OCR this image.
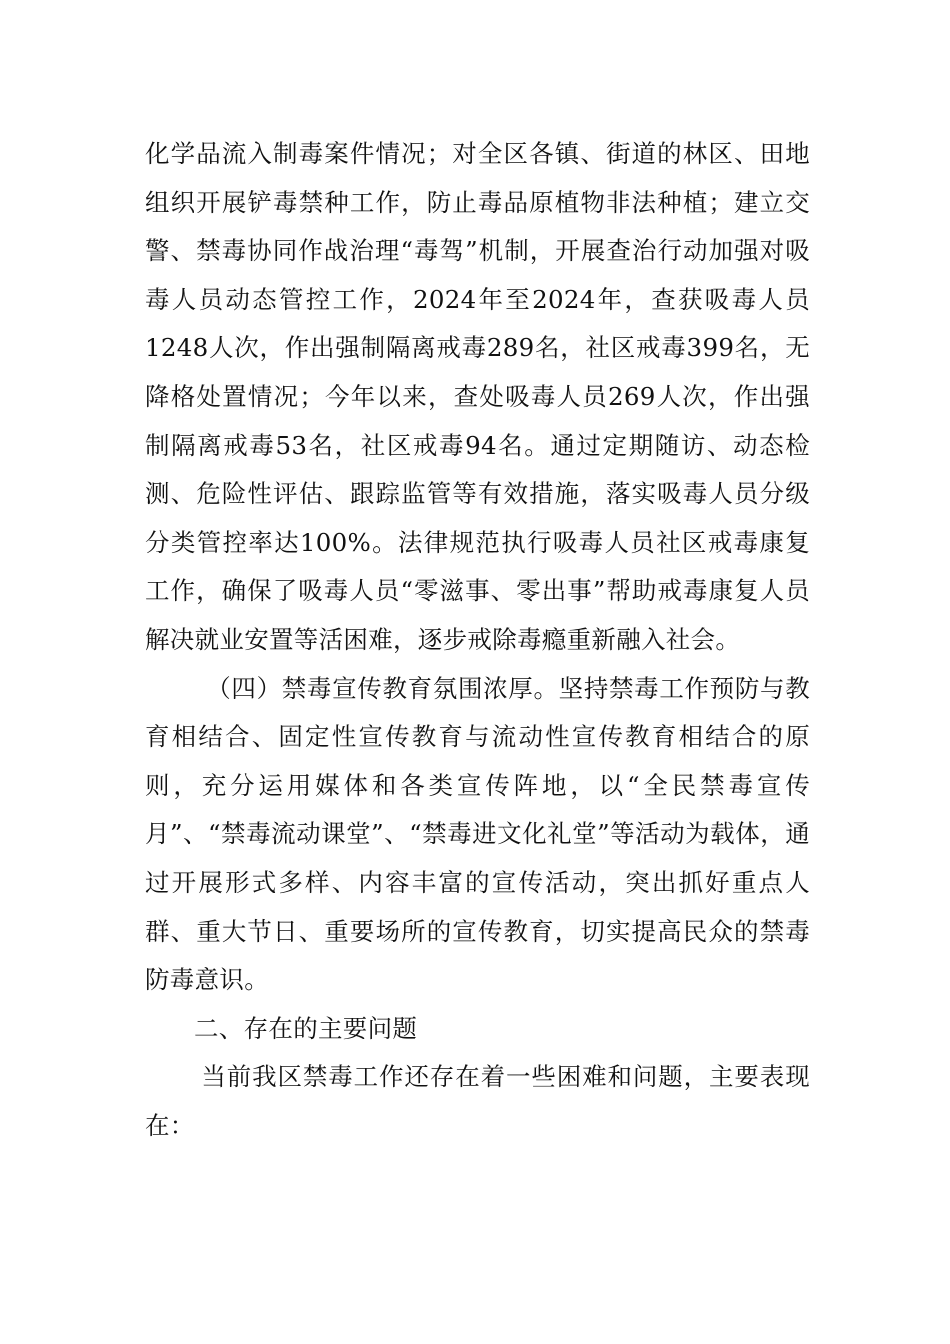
化学品流入制毒案件情况；对全区各镇、街道的林区、田地组织开展铲毒禁种工作，防止毒品原植物非法种植；建立交警、禁毒协同作战治理“毒驾”机制，开展查治行动加强对吸毒人员动态管控工作，2024年至2024年，查获吸毒人员1248人次，作出强制隔离戒毒289名，社区戒毒399名，无降格处置情况；今年以来，查处吸毒人员269人次，作出强制隔离戒毒53名，社区戒毒94名。通过定期随访、动态检测、危险性评估、跟踪监管等有效措施，落实吸毒人员分级分类管控率达100%。法律规范执行吸毒人员社区戒毒康复工作，确保了吸毒人员“零滋事、零出事”帮助戒毒康复人员解决就业安置等活困难，逐步戒除毒瘾重新融入社会。

（四）禁毒宣传教育氛围浓厚。坚持禁毒工作预防与教育相结合、固定性宣传教育与流动性宣传教育相结合的原则，充分运用媒体和各类宣传阵地，以“全民禁毒宣传月”、“禁毒流动课堂”、“禁毒进文化礼堂”等活动为载体，通过开展形式多样、内容丰富的宣传活动，突出抓好重点人群、重大节日、重要场所的宣传教育，切实提高民众的禁毒防毒意识。

二、存在的主要问题

当前我区禁毒工作还存在着一些困难和问题，主要表现在：
